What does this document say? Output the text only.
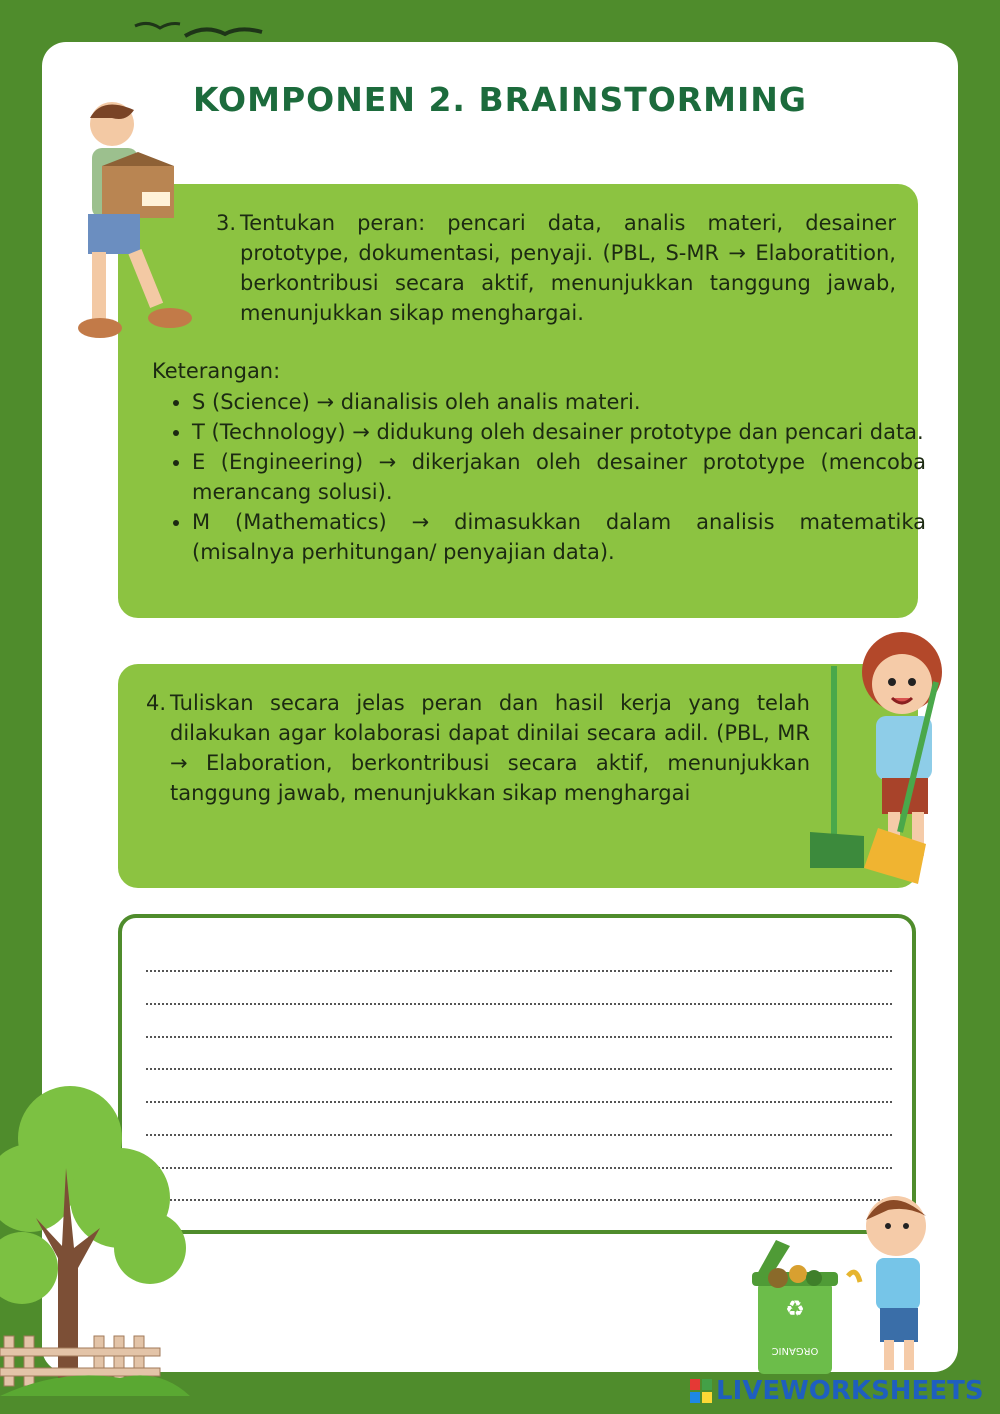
KOMPONEN 2. BRAINSTORMING
3. Tentukan peran: pencari data, analis materi, desainer prototype, dokumentasi, penyaji. (PBL, S-MR → Elaboratition, berkontribusi secara aktif, menunjukkan tanggung jawab, menunjukkan sikap menghargai.
Keterangan:
• S (Science) → dianalisis oleh analis materi.
• T (Technology) → didukung oleh desainer prototype dan pencari data.
• E (Engineering) → dikerjakan oleh desainer prototype (mencoba merancang solusi).
• M (Mathematics) → dimasukkan dalam analisis matematika (misalnya perhitungan/ penyajian data).
4. Tuliskan secara jelas peran dan hasil kerja yang telah dilakukan agar kolaborasi dapat dinilai secara adil. (PBL, MR → Elaboration, berkontribusi secara aktif, menunjukkan tanggung jawab, menunjukkan sikap menghargai
♻
ORGANIC
LIVEWORKSHEETS
